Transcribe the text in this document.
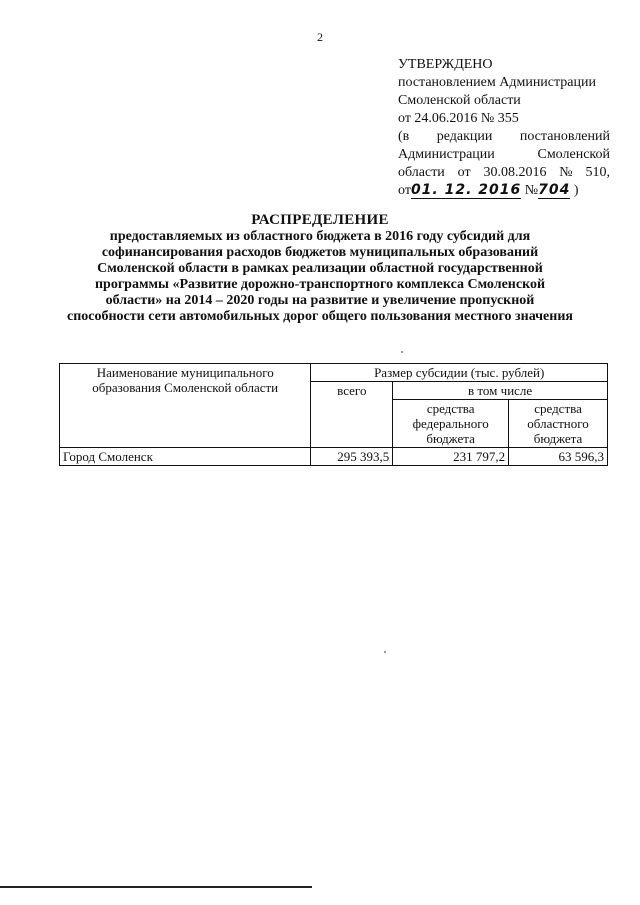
2
УТВЕРЖДЕНО
постановлением Администрации
Смоленской области
от 24.06.2016 № 355
(в редакции постановлений
Администрации	Смоленской
области от 30.08.2016 № 510,
от01. 12. 2016 №704 )
РАСПРЕДЕЛЕНИЕ
предоставляемых из областного бюджета в 2016 году субсидий для
софинансирования расходов бюджетов муниципальных образований
Смоленской области в рамках реализации областной государственной
программы «Развитие дорожно-транспортного комплекса Смоленской
области» на 2014 – 2020 годы на развитие и увеличение пропускной
способности сети автомобильных дорог общего пользования местного значения
Наименование муниципального образования Смоленской области	Размер субсидии (тыс. рублей)		
	всего	в том числе	
		средства федерального бюджета	средства областного бюджета
Город Смоленск	295 393,5	231 797,2	63 596,3
